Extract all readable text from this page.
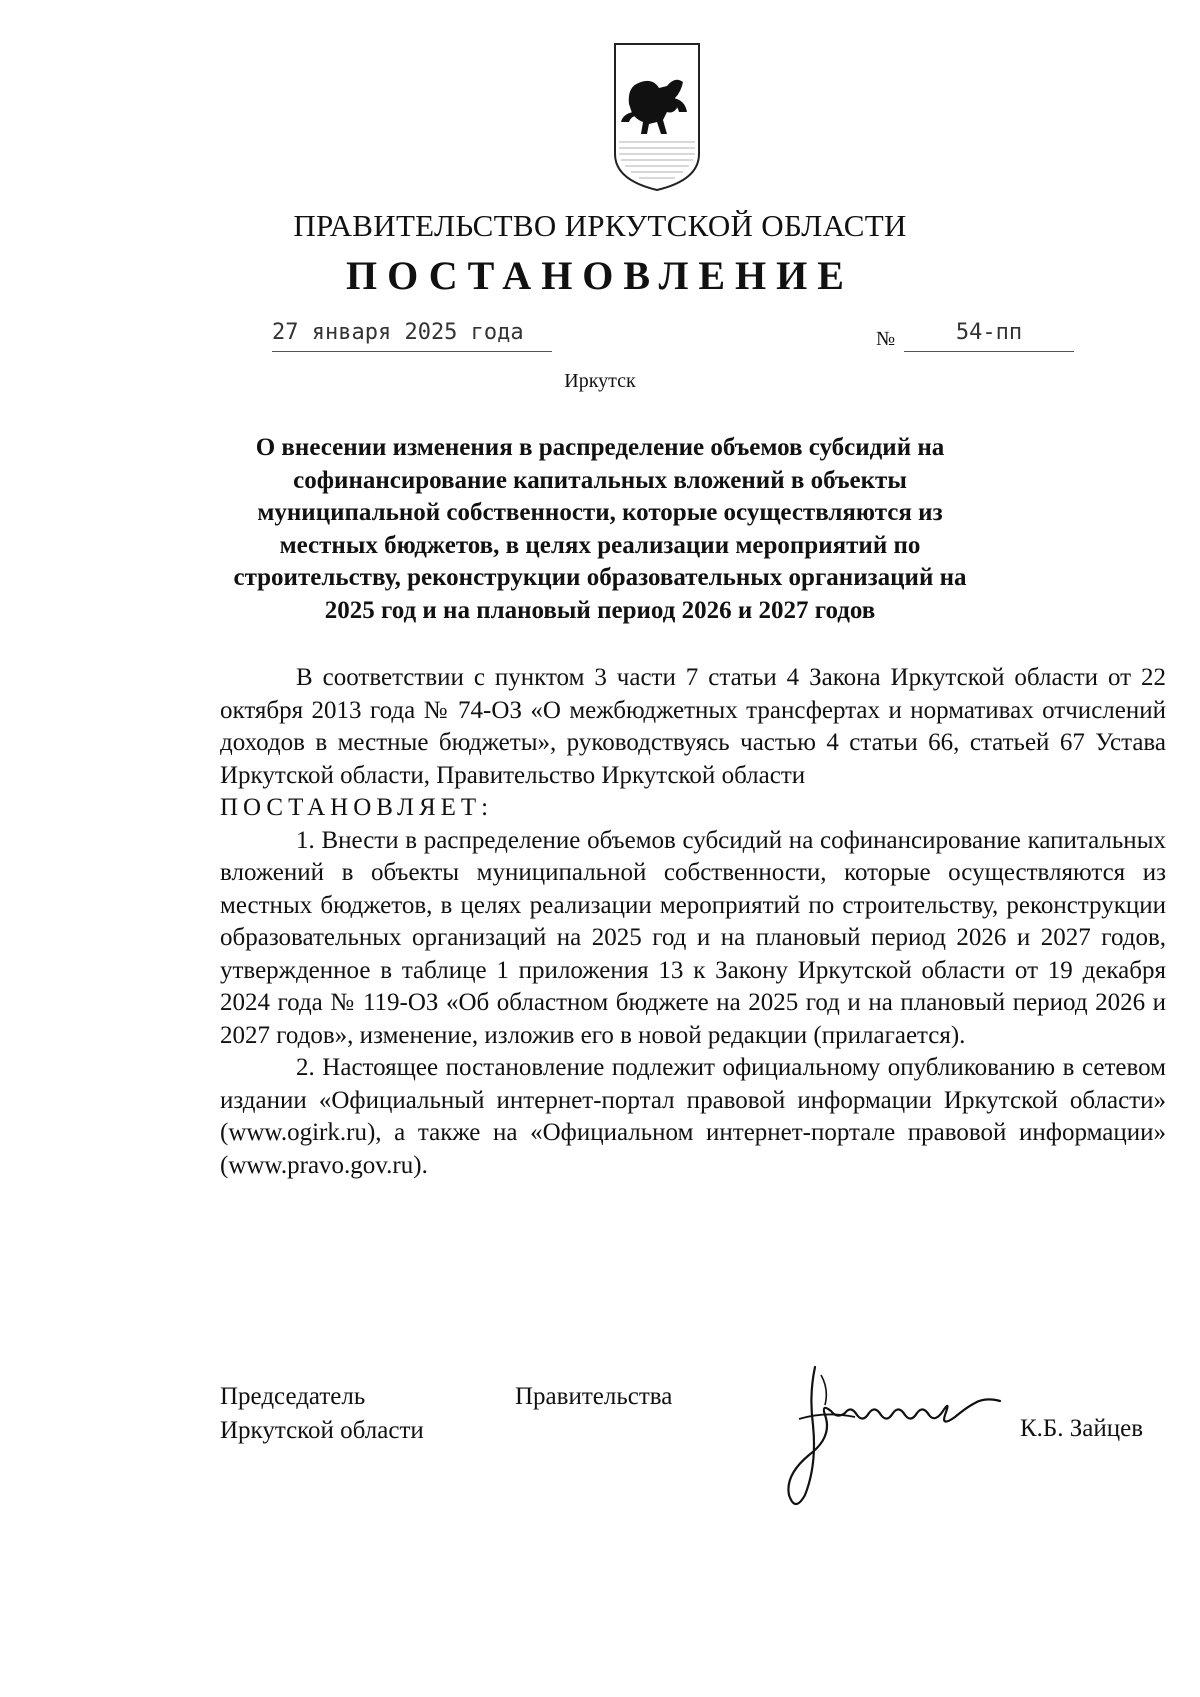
ПРАВИТЕЛЬСТВО ИРКУТСКОЙ ОБЛАСТИ
ПОСТАНОВЛЕНИЕ
27 января 2025 года	№	54-пп
Иркутск
О внесении изменения в распределение объемов субсидий на софинансирование капитальных вложений в объекты муниципальной собственности, которые осуществляются из местных бюджетов, в целях реализации мероприятий по строительству, реконструкции образовательных организаций на 2025 год и на плановый период 2026 и 2027 годов

В соответствии с пунктом 3 части 7 статьи 4 Закона Иркутской области от 22 октября 2013 года № 74-ОЗ «О межбюджетных трансфертах и нормативах отчислений доходов в местные бюджеты», руководствуясь частью 4 статьи 66, статьей 67 Устава Иркутской области, Правительство Иркутской области

ПОСТАНОВЛЯЕТ:

1. Внести в распределение объемов субсидий на софинансирование капитальных вложений в объекты муниципальной собственности, которые осуществляются из местных бюджетов, в целях реализации мероприятий по строительству, реконструкции образовательных организаций на 2025 год и на плановый период 2026 и 2027 годов, утвержденное в таблице 1 приложения 13 к Закону Иркутской области от 19 декабря 2024 года № 119-ОЗ «Об областном бюджете на 2025 год и на плановый период 2026 и 2027 годов», изменение, изложив его в новой редакции (прилагается).

2. Настоящее постановление подлежит официальному опубликованию в сетевом издании «Официальный интернет-портал правовой информации Иркутской области» (www.ogirk.ru), а также на «Официальном интернет-портале правовой информации» (www.pravo.gov.ru).

Председатель
Иркутской области
Правительства
К.Б. Зайцев
